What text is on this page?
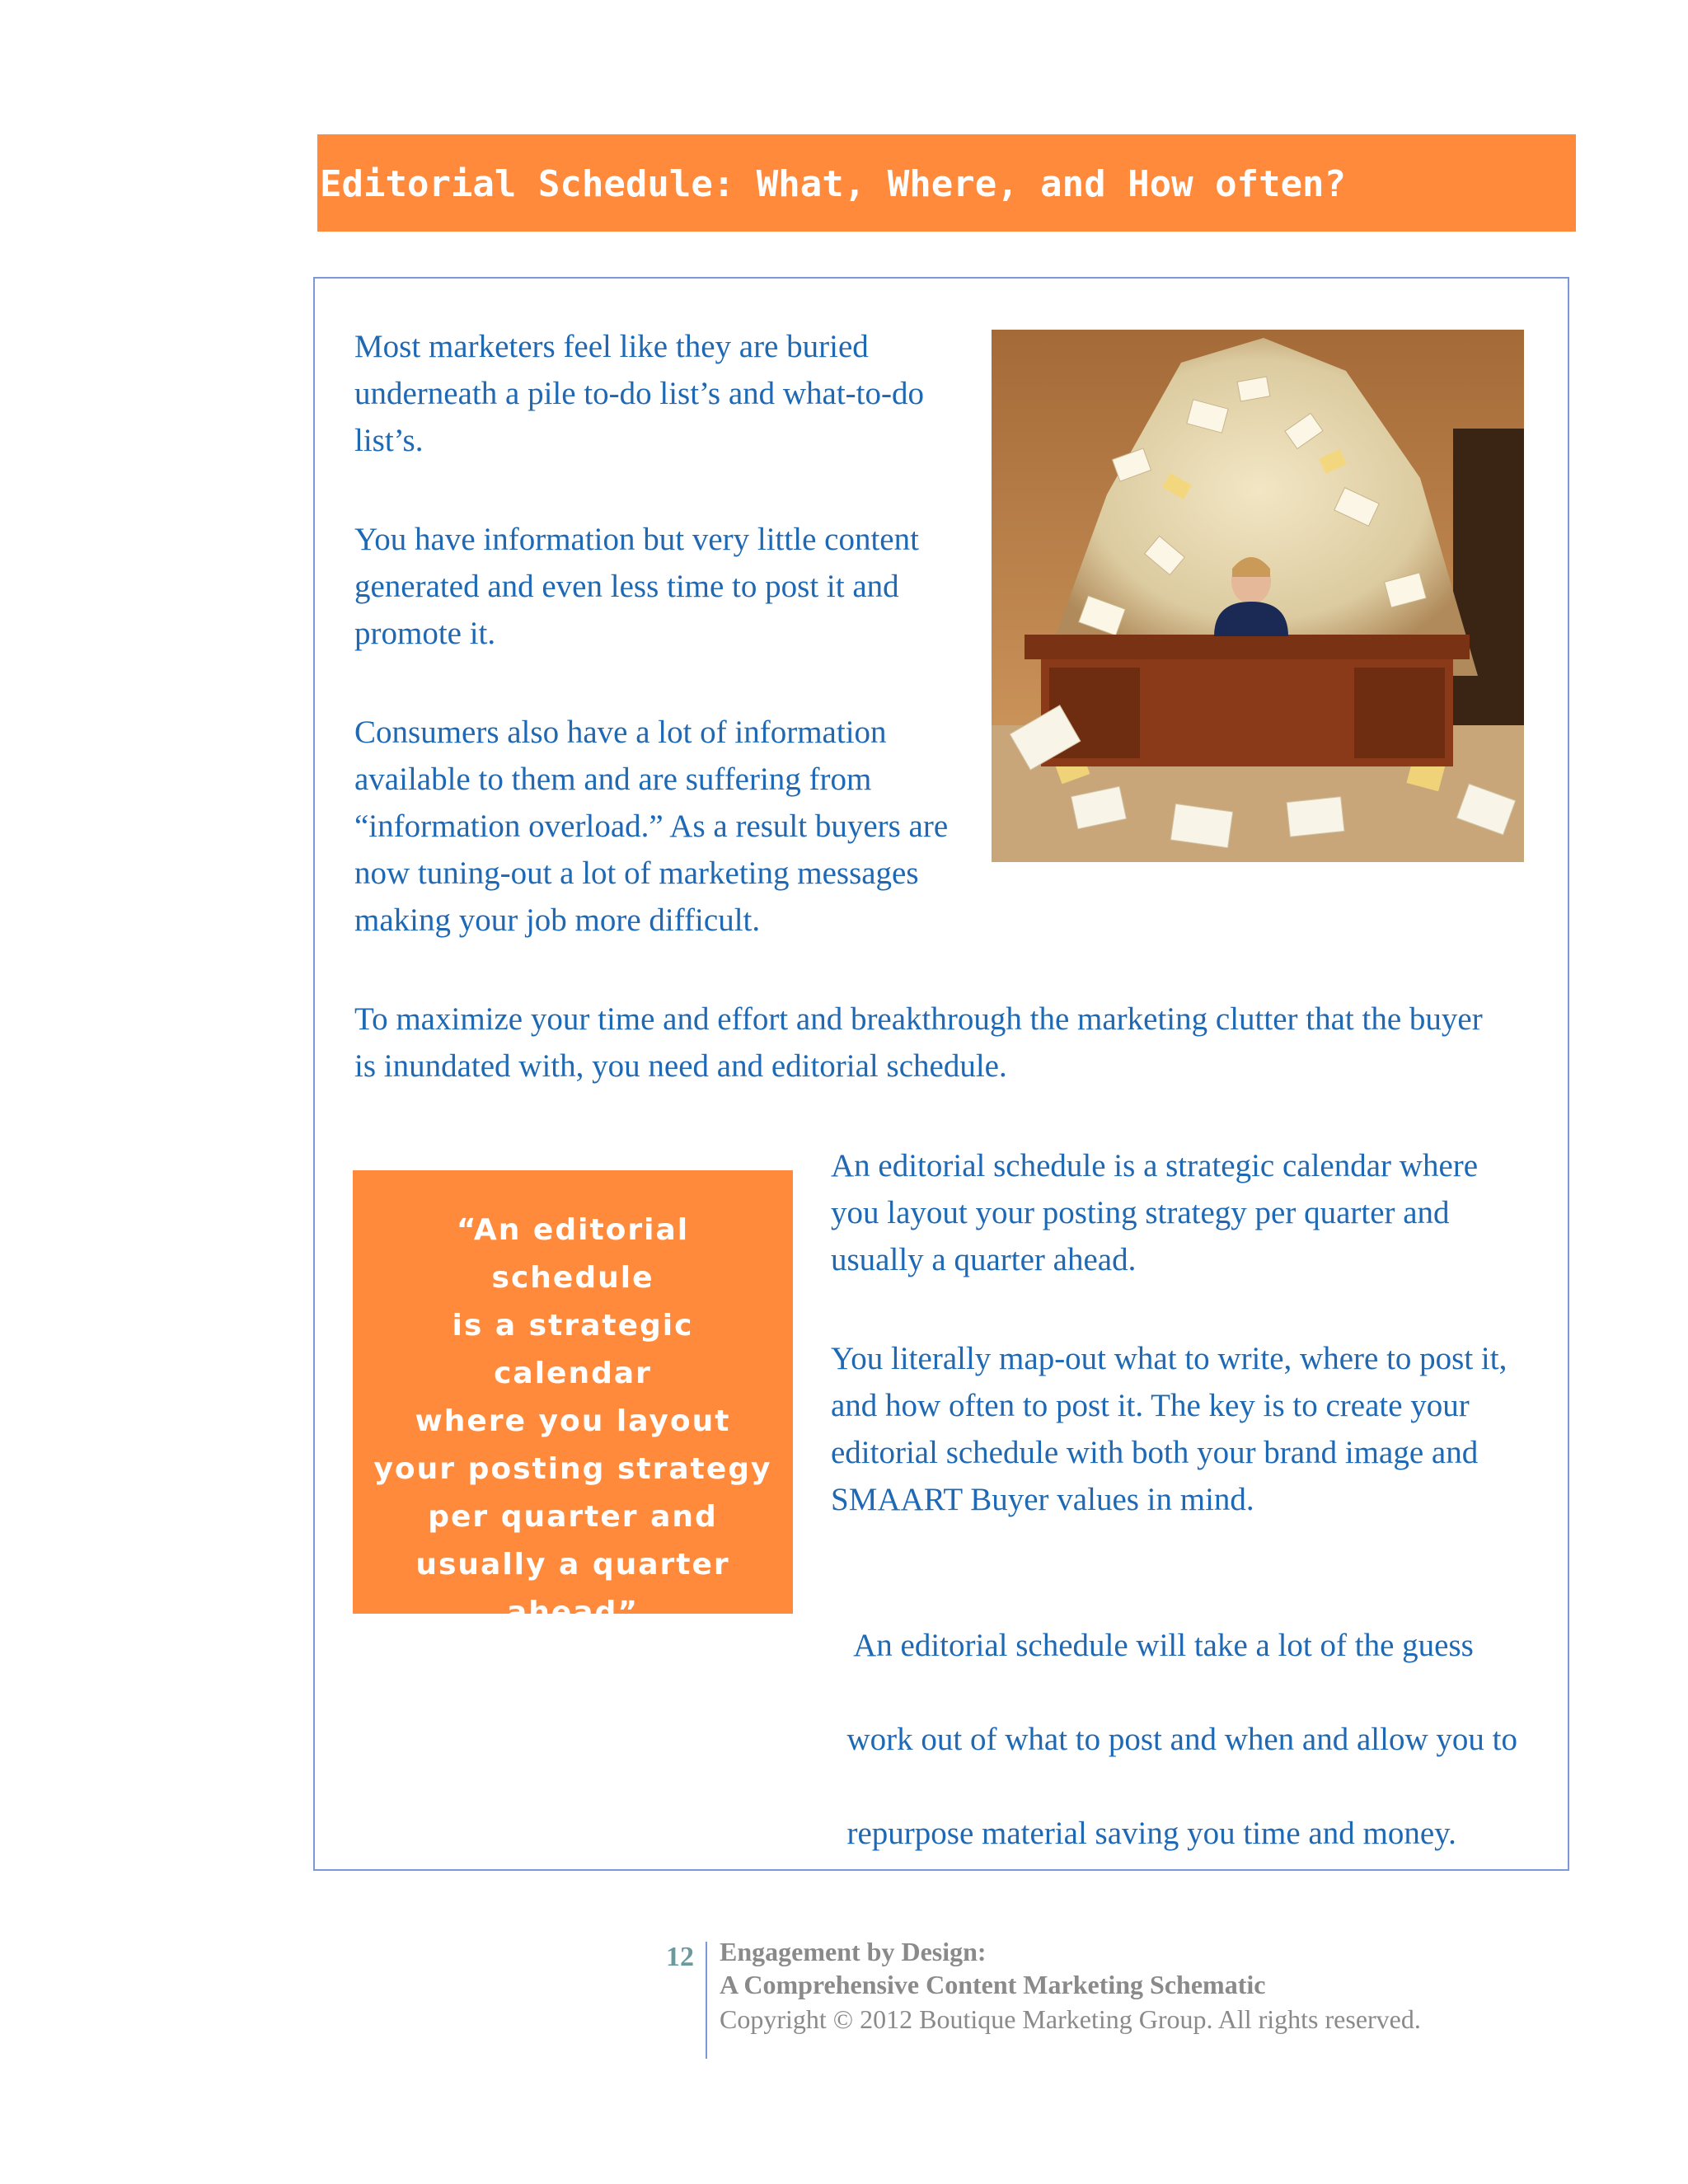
Editorial Schedule: What, Where, and How often?

Most marketers feel like they are buried
underneath a pile to-do list’s and what-to-do
list’s.

You have information but very little content
generated and even less time to post it and
promote it.

Consumers also have a lot of information
available to them and are suffering from
“information overload.” As a result buyers are
now tuning-out a lot of marketing messages
making your job more difficult.

To maximize your time and effort and breakthrough the marketing clutter that the buyer
is inundated with, you need and editorial schedule.

“An editorial schedule
is a strategic calendar
where you layout
your posting strategy
per quarter and
usually a quarter
ahead”

An editorial schedule is a strategic calendar where
you layout your posting strategy per quarter and
usually a quarter ahead.

You literally map-out what to write, where to post it,
and how often to post it. The key is to create your
editorial schedule with both your brand image and
SMAART Buyer values in mind.

An editorial schedule will take a lot of the guess

work out of what to post and when and allow you to

repurpose material saving you time and money.

12 Engagement by Design:
A Comprehensive Content Marketing Schematic
Copyright © 2012 Boutique Marketing Group. All rights reserved.
